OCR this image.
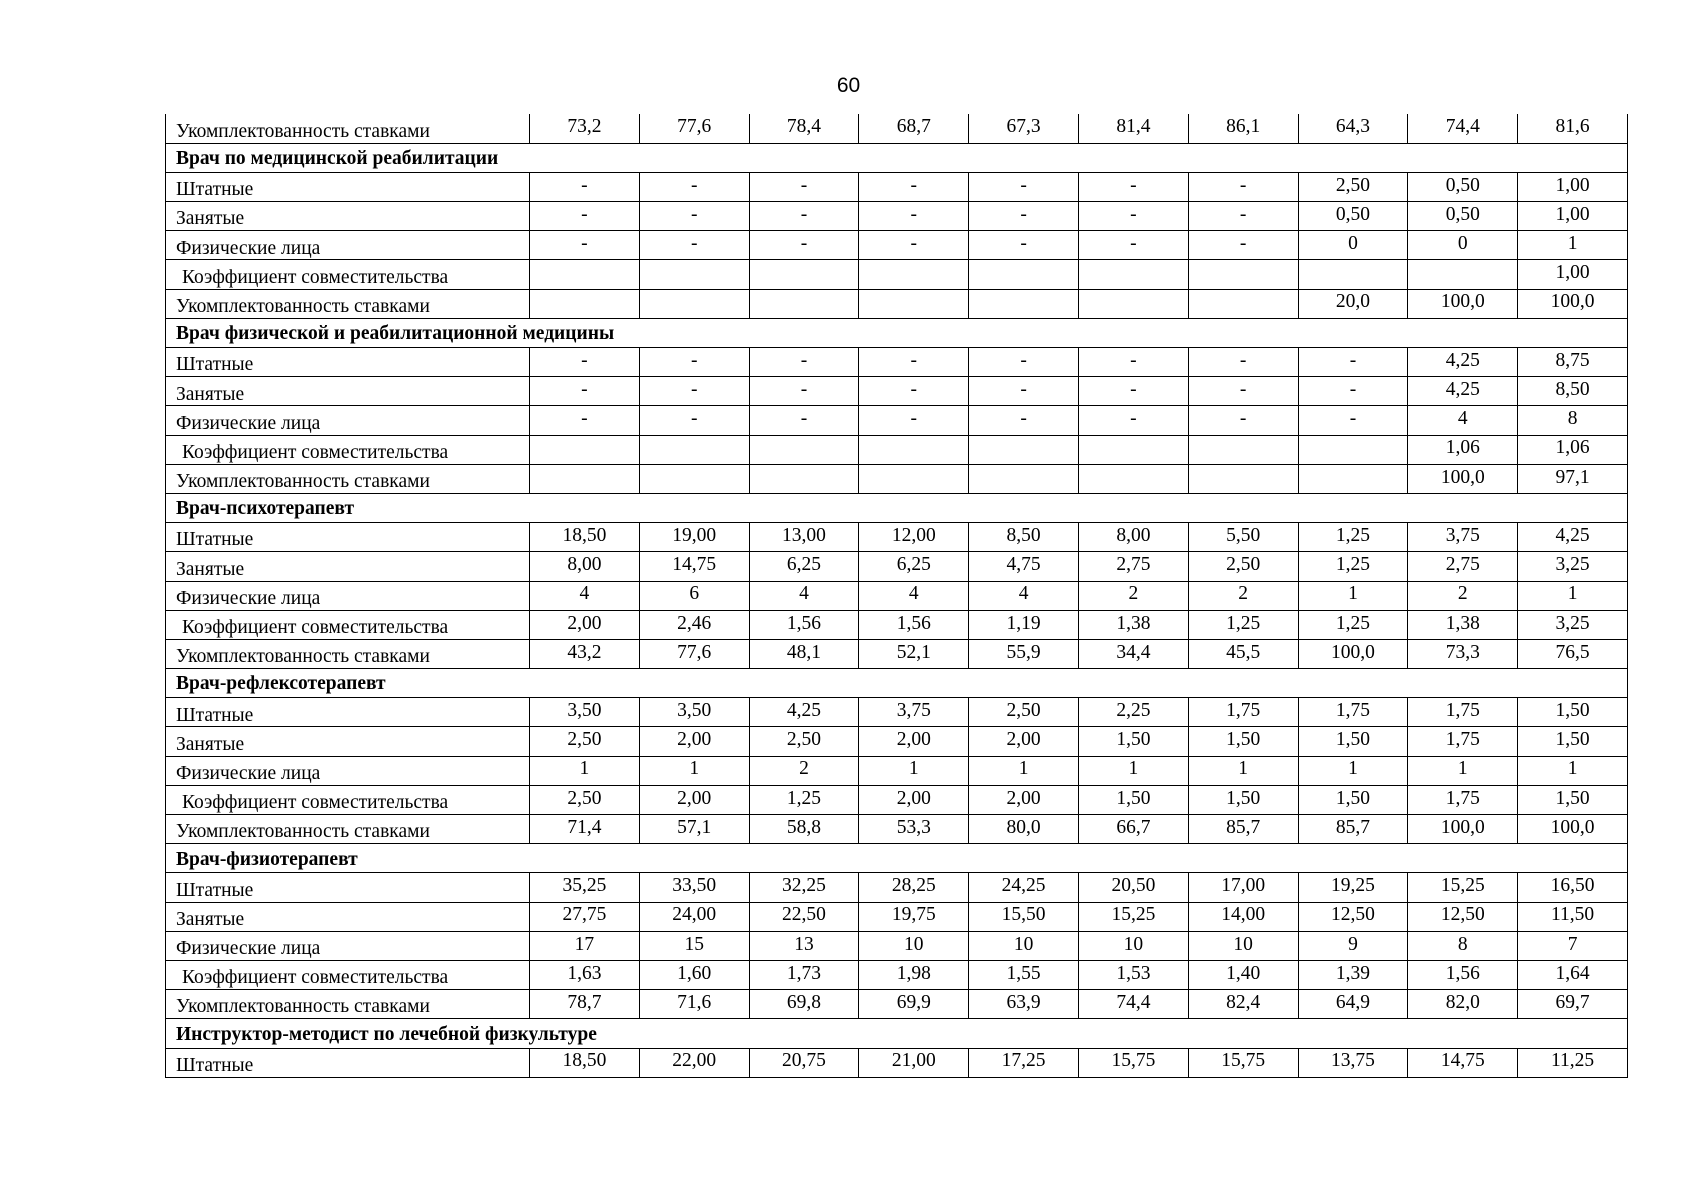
60
Укомплектованность ставками	73,2	77,6	78,4	68,7	67,3	81,4	86,1	64,3	74,4	81,6
Врач по медицинской реабилитации										
Штатные	-	-	-	-	-	-	-	2,50	0,50	1,00
Занятые	-	-	-	-	-	-	-	0,50	0,50	1,00
Физические лица	-	-	-	-	-	-	-	0	0	1
Коэффициент совместительства										1,00
Укомплектованность ставками								20,0	100,0	100,0
Врач физической и реабилитационной медицины										
Штатные	-	-	-	-	-	-	-	-	4,25	8,75
Занятые	-	-	-	-	-	-	-	-	4,25	8,50
Физические лица	-	-	-	-	-	-	-	-	4	8
Коэффициент совместительства									1,06	1,06
Укомплектованность ставками									100,0	97,1
Врач-психотерапевт										
Штатные	18,50	19,00	13,00	12,00	8,50	8,00	5,50	1,25	3,75	4,25
Занятые	8,00	14,75	6,25	6,25	4,75	2,75	2,50	1,25	2,75	3,25
Физические лица	4	6	4	4	4	2	2	1	2	1
Коэффициент совместительства	2,00	2,46	1,56	1,56	1,19	1,38	1,25	1,25	1,38	3,25
Укомплектованность ставками	43,2	77,6	48,1	52,1	55,9	34,4	45,5	100,0	73,3	76,5
Врач-рефлексотерапевт										
Штатные	3,50	3,50	4,25	3,75	2,50	2,25	1,75	1,75	1,75	1,50
Занятые	2,50	2,00	2,50	2,00	2,00	1,50	1,50	1,50	1,75	1,50
Физические лица	1	1	2	1	1	1	1	1	1	1
Коэффициент совместительства	2,50	2,00	1,25	2,00	2,00	1,50	1,50	1,50	1,75	1,50
Укомплектованность ставками	71,4	57,1	58,8	53,3	80,0	66,7	85,7	85,7	100,0	100,0
Врач-физиотерапевт										
Штатные	35,25	33,50	32,25	28,25	24,25	20,50	17,00	19,25	15,25	16,50
Занятые	27,75	24,00	22,50	19,75	15,50	15,25	14,00	12,50	12,50	11,50
Физические лица	17	15	13	10	10	10	10	9	8	7
Коэффициент совместительства	1,63	1,60	1,73	1,98	1,55	1,53	1,40	1,39	1,56	1,64
Укомплектованность ставками	78,7	71,6	69,8	69,9	63,9	74,4	82,4	64,9	82,0	69,7
Инструктор-методист по лечебной физкультуре										
Штатные	18,50	22,00	20,75	21,00	17,25	15,75	15,75	13,75	14,75	11,25
